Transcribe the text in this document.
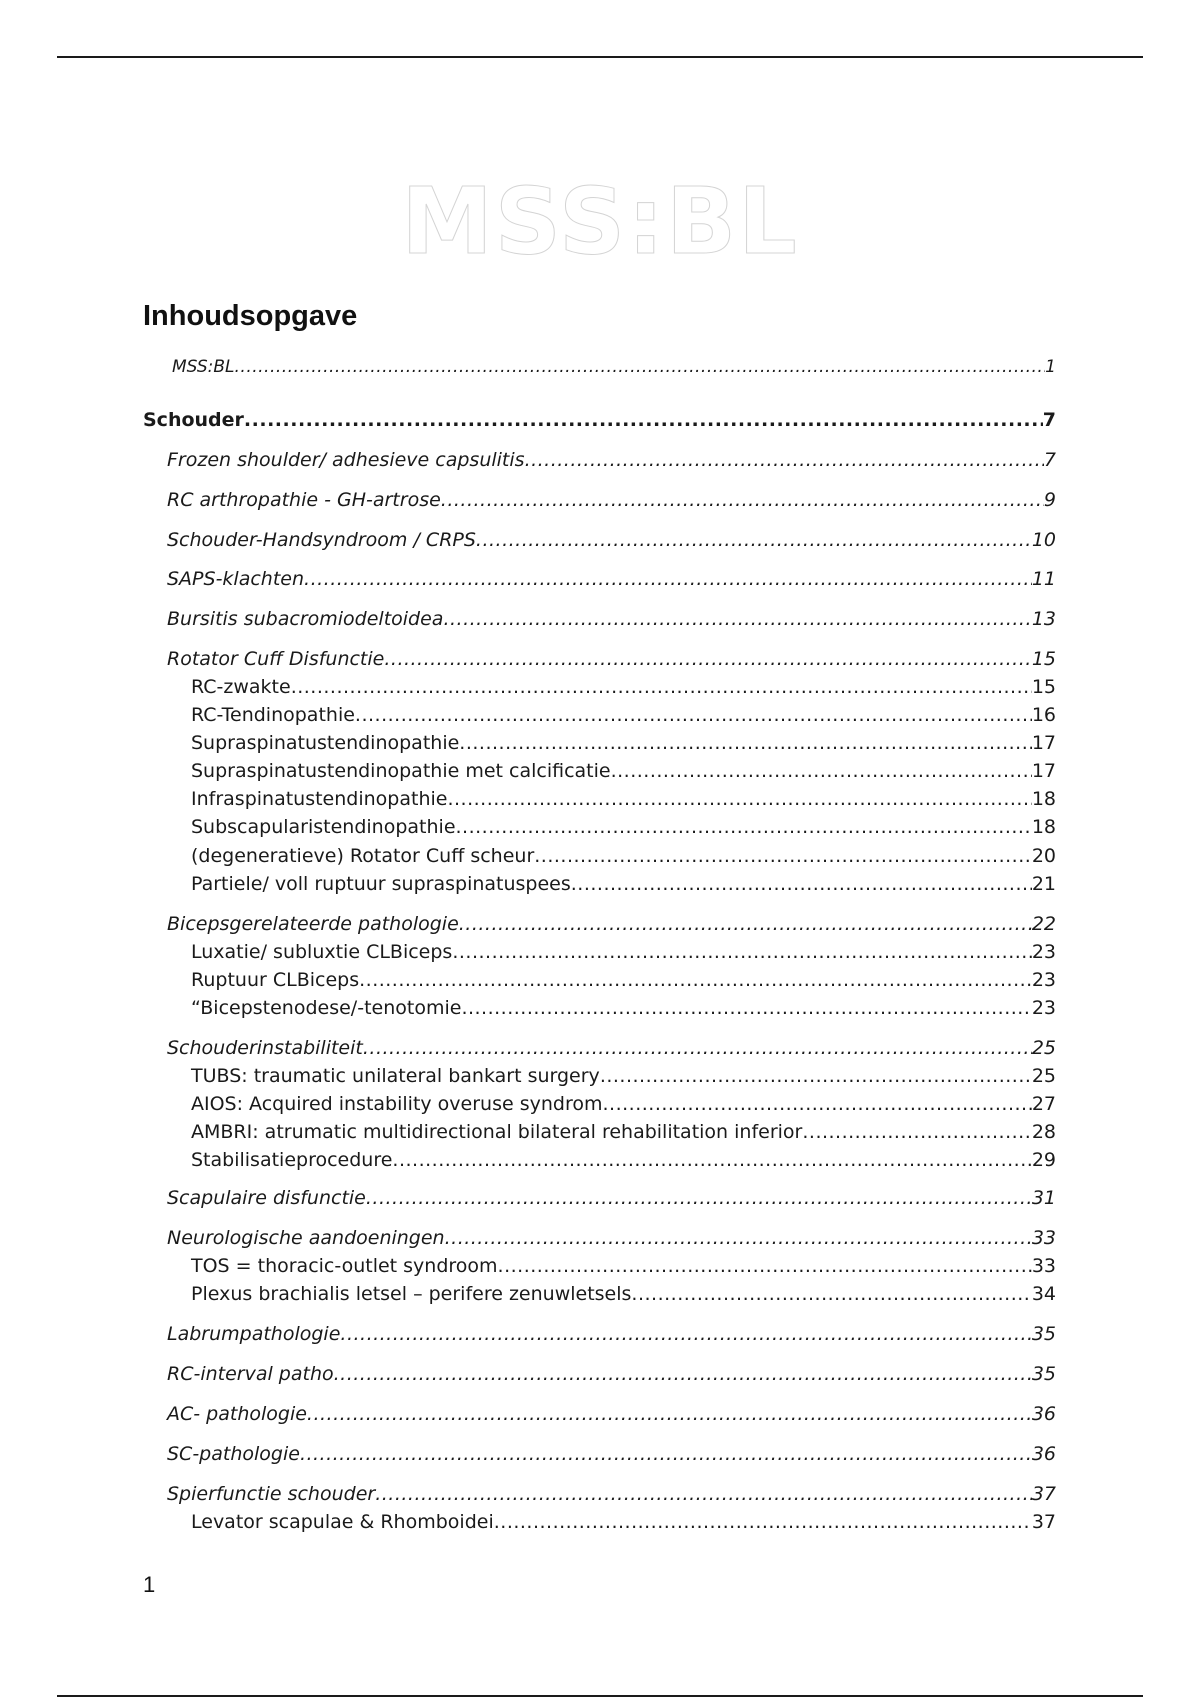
MSS:BL
Inhoudsopgave
MSS:BL .....	1
Schouder .....	7
Frozen shoulder/ adhesieve capsulitis .....	7
RC arthropathie - GH-artrose .....	9
Schouder-Handsyndroom / CRPS .....	10
SAPS-klachten .....	11
Bursitis subacromiodeltoidea .....	13
Rotator Cuff Disfunctie .....	15
RC-zwakte .....	15
RC-Tendinopathie .....	16
Supraspinatustendinopathie .....	17
Supraspinatustendinopathie met calcificatie .....	17
Infraspinatustendinopathie .....	18
Subscapularistendinopathie .....	18
(degeneratieve) Rotator Cuff scheur .....	20
Partiele/ voll ruptuur supraspinatuspees .....	21
Bicepsgerelateerde pathologie .....	22
Luxatie/ subluxtie CLBiceps .....	23
Ruptuur CLBiceps .....	23
“Bicepstenodese/-tenotomie .....	23
Schouderinstabiliteit .....	25
TUBS: traumatic unilateral bankart surgery .....	25
AIOS: Acquired instability overuse syndrom .....	27
AMBRI: atrumatic multidirectional bilateral rehabilitation inferior .....	28
Stabilisatieprocedure .....	29
Scapulaire disfunctie .....	31
Neurologische aandoeningen .....	33
TOS = thoracic-outlet syndroom .....	33
Plexus brachialis letsel – perifere zenuwletsels .....	34
Labrumpathologie .....	35
RC-interval patho .....	35
AC- pathologie .....	36
SC-pathologie .....	36
Spierfunctie schouder .....	37
Levator scapulae & Rhomboidei .....	37
1
